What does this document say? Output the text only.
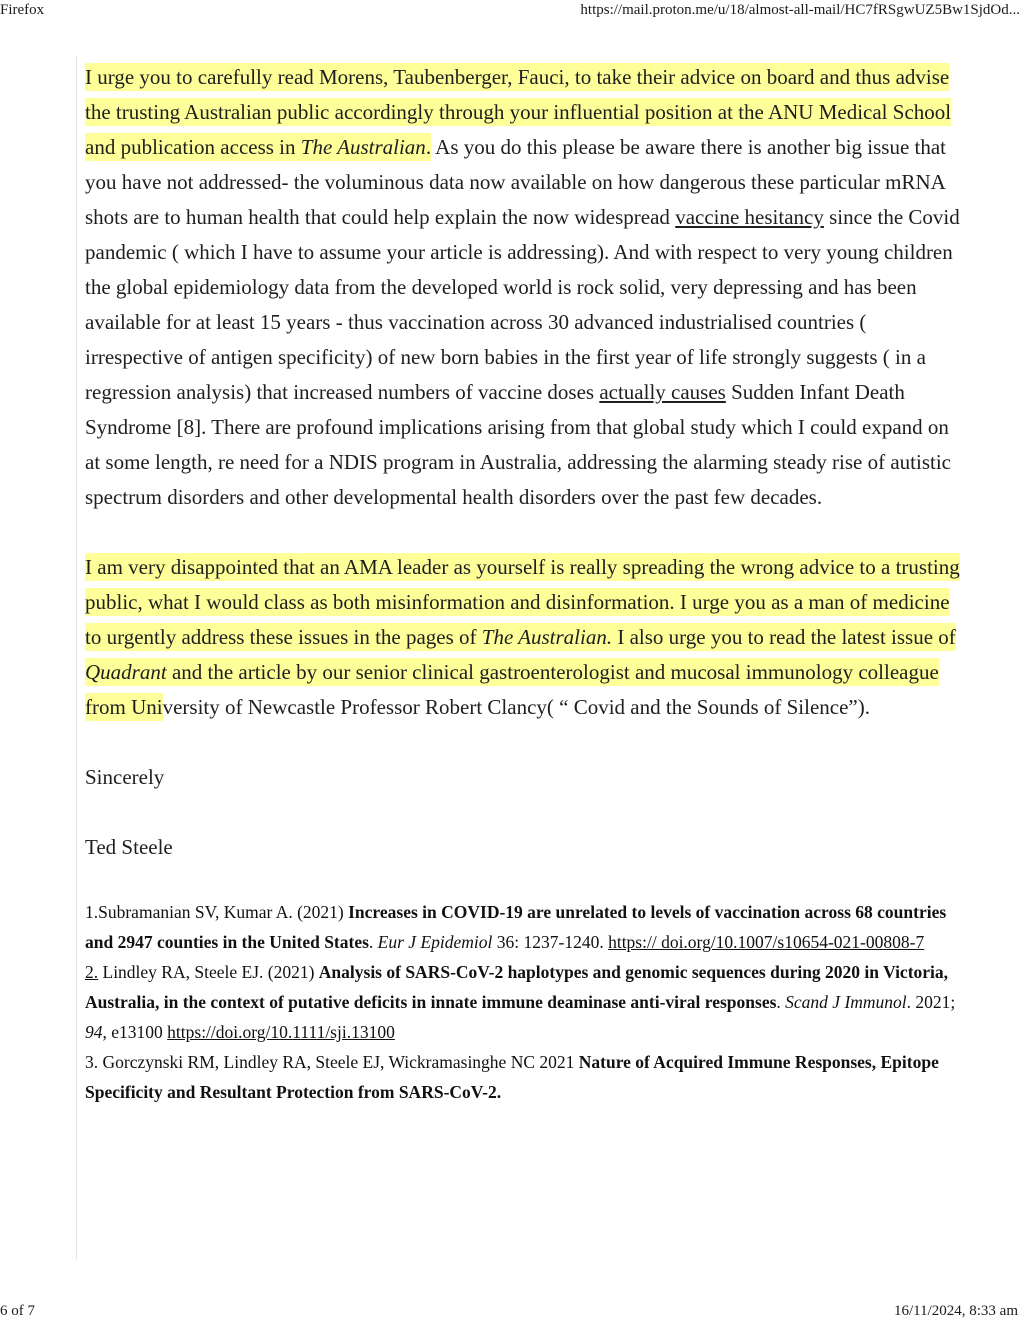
Firefox	https://mail.proton.me/u/18/almost-all-mail/HC7fRSgwUZ5Bw1SjdOd...

I urge you to carefully read Morens, Taubenberger, Fauci, to take their advice on board and thus advise the trusting Australian public accordingly through your influential position at the ANU Medical School and publication access in The Australian. As you do this please be aware there is another big issue that you have not addressed- the voluminous data now available on how dangerous these particular mRNA shots are to human health that could help explain the now widespread vaccine hesitancy since the Covid pandemic ( which I have to assume your article is addressing). And with respect to very young children the global epidemiology data from the developed world is rock solid, very depressing and has been available for at least 15 years - thus vaccination across 30 advanced industrialised countries ( irrespective of antigen specificity) of new born babies in the first year of life strongly suggests ( in a regression analysis) that increased numbers of vaccine doses actually causes Sudden Infant Death Syndrome [8]. There are profound implications arising from that global study which I could expand on at some length, re need for a NDIS program in Australia, addressing the alarming steady rise of autistic spectrum disorders and other developmental health disorders over the past few decades.

I am very disappointed that an AMA leader as yourself is really spreading the wrong advice to a trusting public, what I would class as both misinformation and disinformation. I urge you as a man of medicine to urgently address these issues in the pages of The Australian. I also urge you to read the latest issue of Quadrant and the article by our senior clinical gastroenterologist and mucosal immunology colleague from University of Newcastle Professor Robert Clancy( “ Covid and the Sounds of Silence”).

Sincerely

Ted Steele

1.Subramanian SV, Kumar A. (2021) Increases in COVID-19 are unrelated to levels of vaccination across 68 countries and 2947 counties in the United States. Eur J Epidemiol 36: 1237-1240. https:// doi.org/10.1007/s10654-021-00808-7
2. Lindley RA, Steele EJ. (2021) Analysis of SARS-CoV-2 haplotypes and genomic sequences during 2020 in Victoria, Australia, in the context of putative deficits in innate immune deaminase anti-viral responses. Scand J Immunol. 2021; 94, e13100 https://doi.org/10.1111/sji.13100
3. Gorczynski RM, Lindley RA, Steele EJ, Wickramasinghe NC 2021 Nature of Acquired Immune Responses, Epitope Specificity and Resultant Protection from SARS-CoV-2.
6 of 7	16/11/2024, 8:33 am
